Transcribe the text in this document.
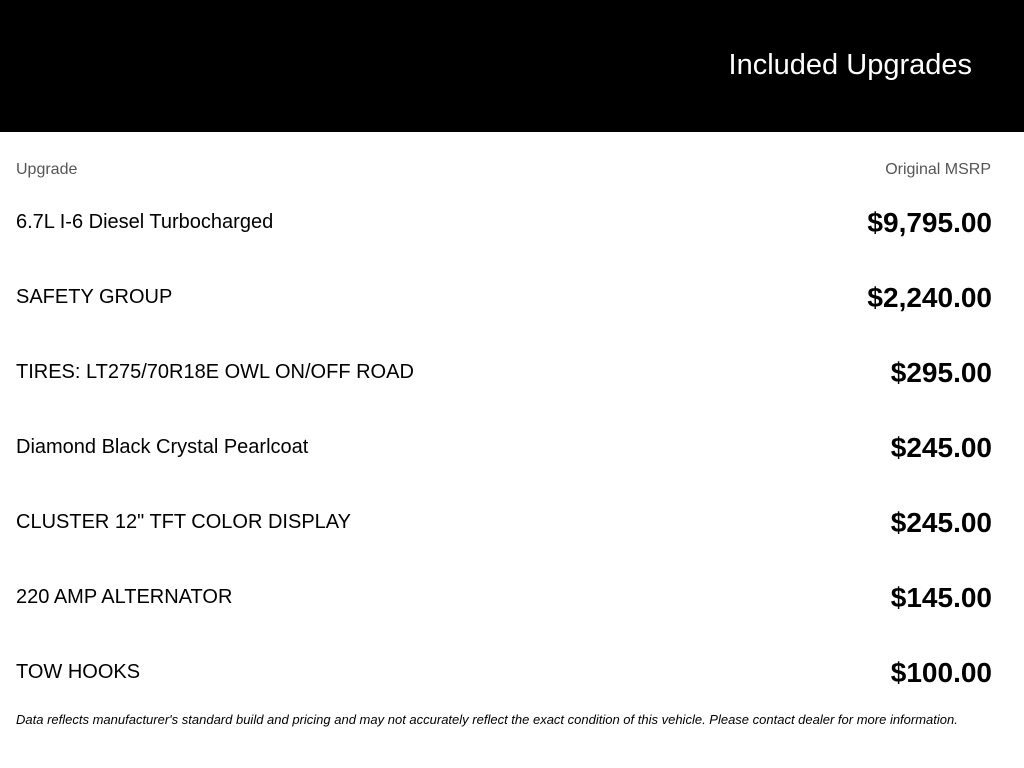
Included Upgrades
Upgrade	Original MSRP
6.7L I-6 Diesel Turbocharged	$9,795.00
SAFETY GROUP	$2,240.00
TIRES: LT275/70R18E OWL ON/OFF ROAD	$295.00
Diamond Black Crystal Pearlcoat	$245.00
CLUSTER 12" TFT COLOR DISPLAY	$245.00
220 AMP ALTERNATOR	$145.00
TOW HOOKS	$100.00
Data reflects manufacturer's standard build and pricing and may not accurately reflect the exact condition of this vehicle. Please contact dealer for more information.
